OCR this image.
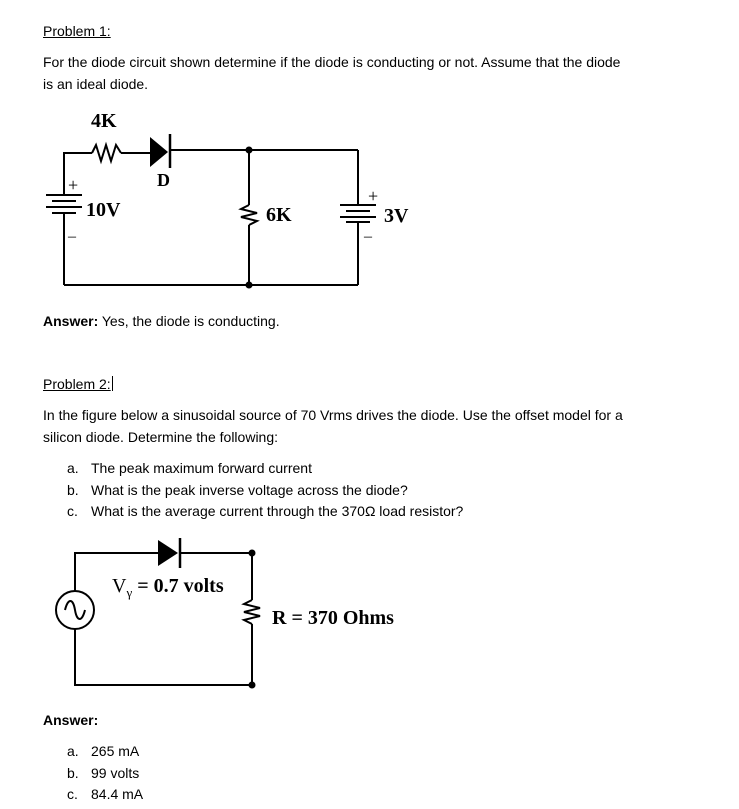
Problem 1:
For the diode circuit shown determine if the diode is conducting or not. Assume that the diode
is an ideal diode.
4K
D
+
10V
–
6K
+
3V
–
Answer: Yes, the diode is conducting.
Problem 2:
In the figure below a sinusoidal source of 70 Vrms drives the diode. Use the offset model for a
silicon diode. Determine the following:
a. The peak maximum forward current
b. What is the peak inverse voltage across the diode?
c. What is the average current through the 370Ω load resistor?
$V_\gamma = 0.7$ volts
R = 370 Ohms
Answer:
a. 265 mA
b. 99 volts
c. 84.4 mA
